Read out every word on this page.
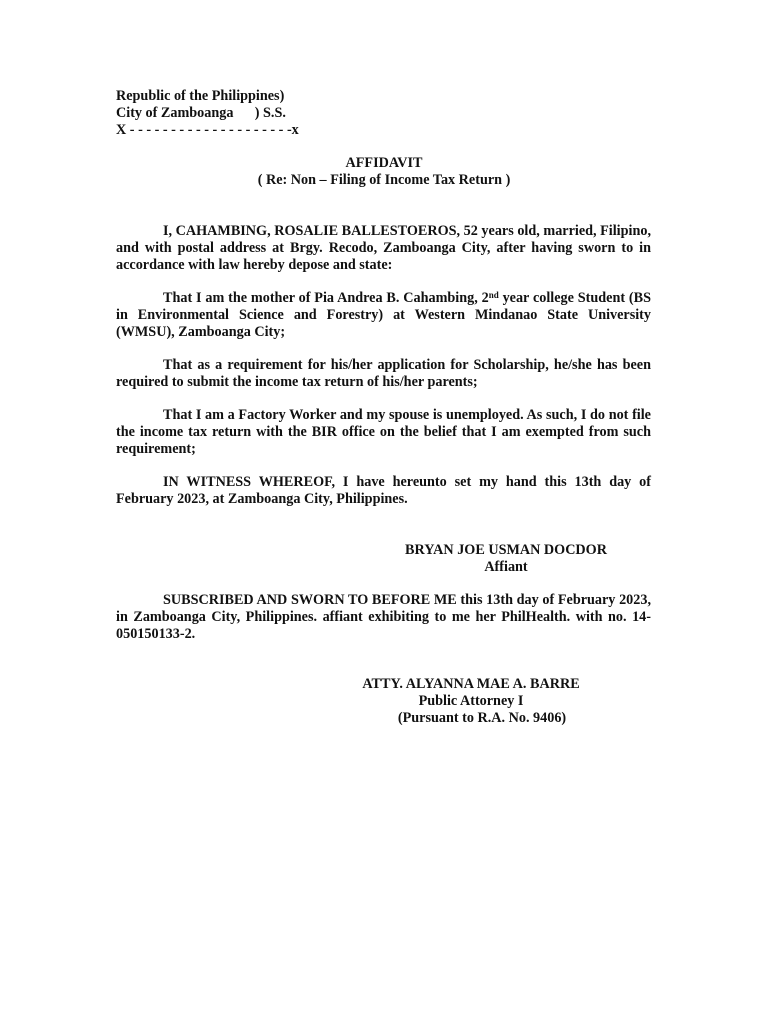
Republic of the Philippines)
City of Zamboanga      ) S.S.
X - - - - - - - - - - - - - - - - - - - -x
AFFIDAVIT
( Re: Non – Filing of Income Tax Return )
I, CAHAMBING, ROSALIE BALLESTOEROS, 52 years old, married, Filipino, and with postal address at Brgy. Recodo, Zamboanga City, after having sworn to in accordance with law hereby depose and state:
That I am the mother of Pia Andrea B. Cahambing, 2nd year college Student (BS in Environmental Science and Forestry) at Western Mindanao State University (WMSU), Zamboanga City;
That as a requirement for his/her application for Scholarship, he/she has been required to submit the income tax return of his/her parents;
That I am a Factory Worker and my spouse is unemployed. As such, I do not file the income tax return with the BIR office on the belief that I am exempted from such requirement;
IN WITNESS WHEREOF, I have hereunto set my hand this 13th day of February 2023, at Zamboanga City, Philippines.
BRYAN JOE USMAN DOCDOR
Affiant
SUBSCRIBED AND SWORN TO BEFORE ME this 13th day of February 2023, in Zamboanga City, Philippines. affiant exhibiting to me her PhilHealth. with no. 14-050150133-2.
ATTY. ALYANNA MAE A. BARRE
Public Attorney I
(Pursuant to R.A. No. 9406)
